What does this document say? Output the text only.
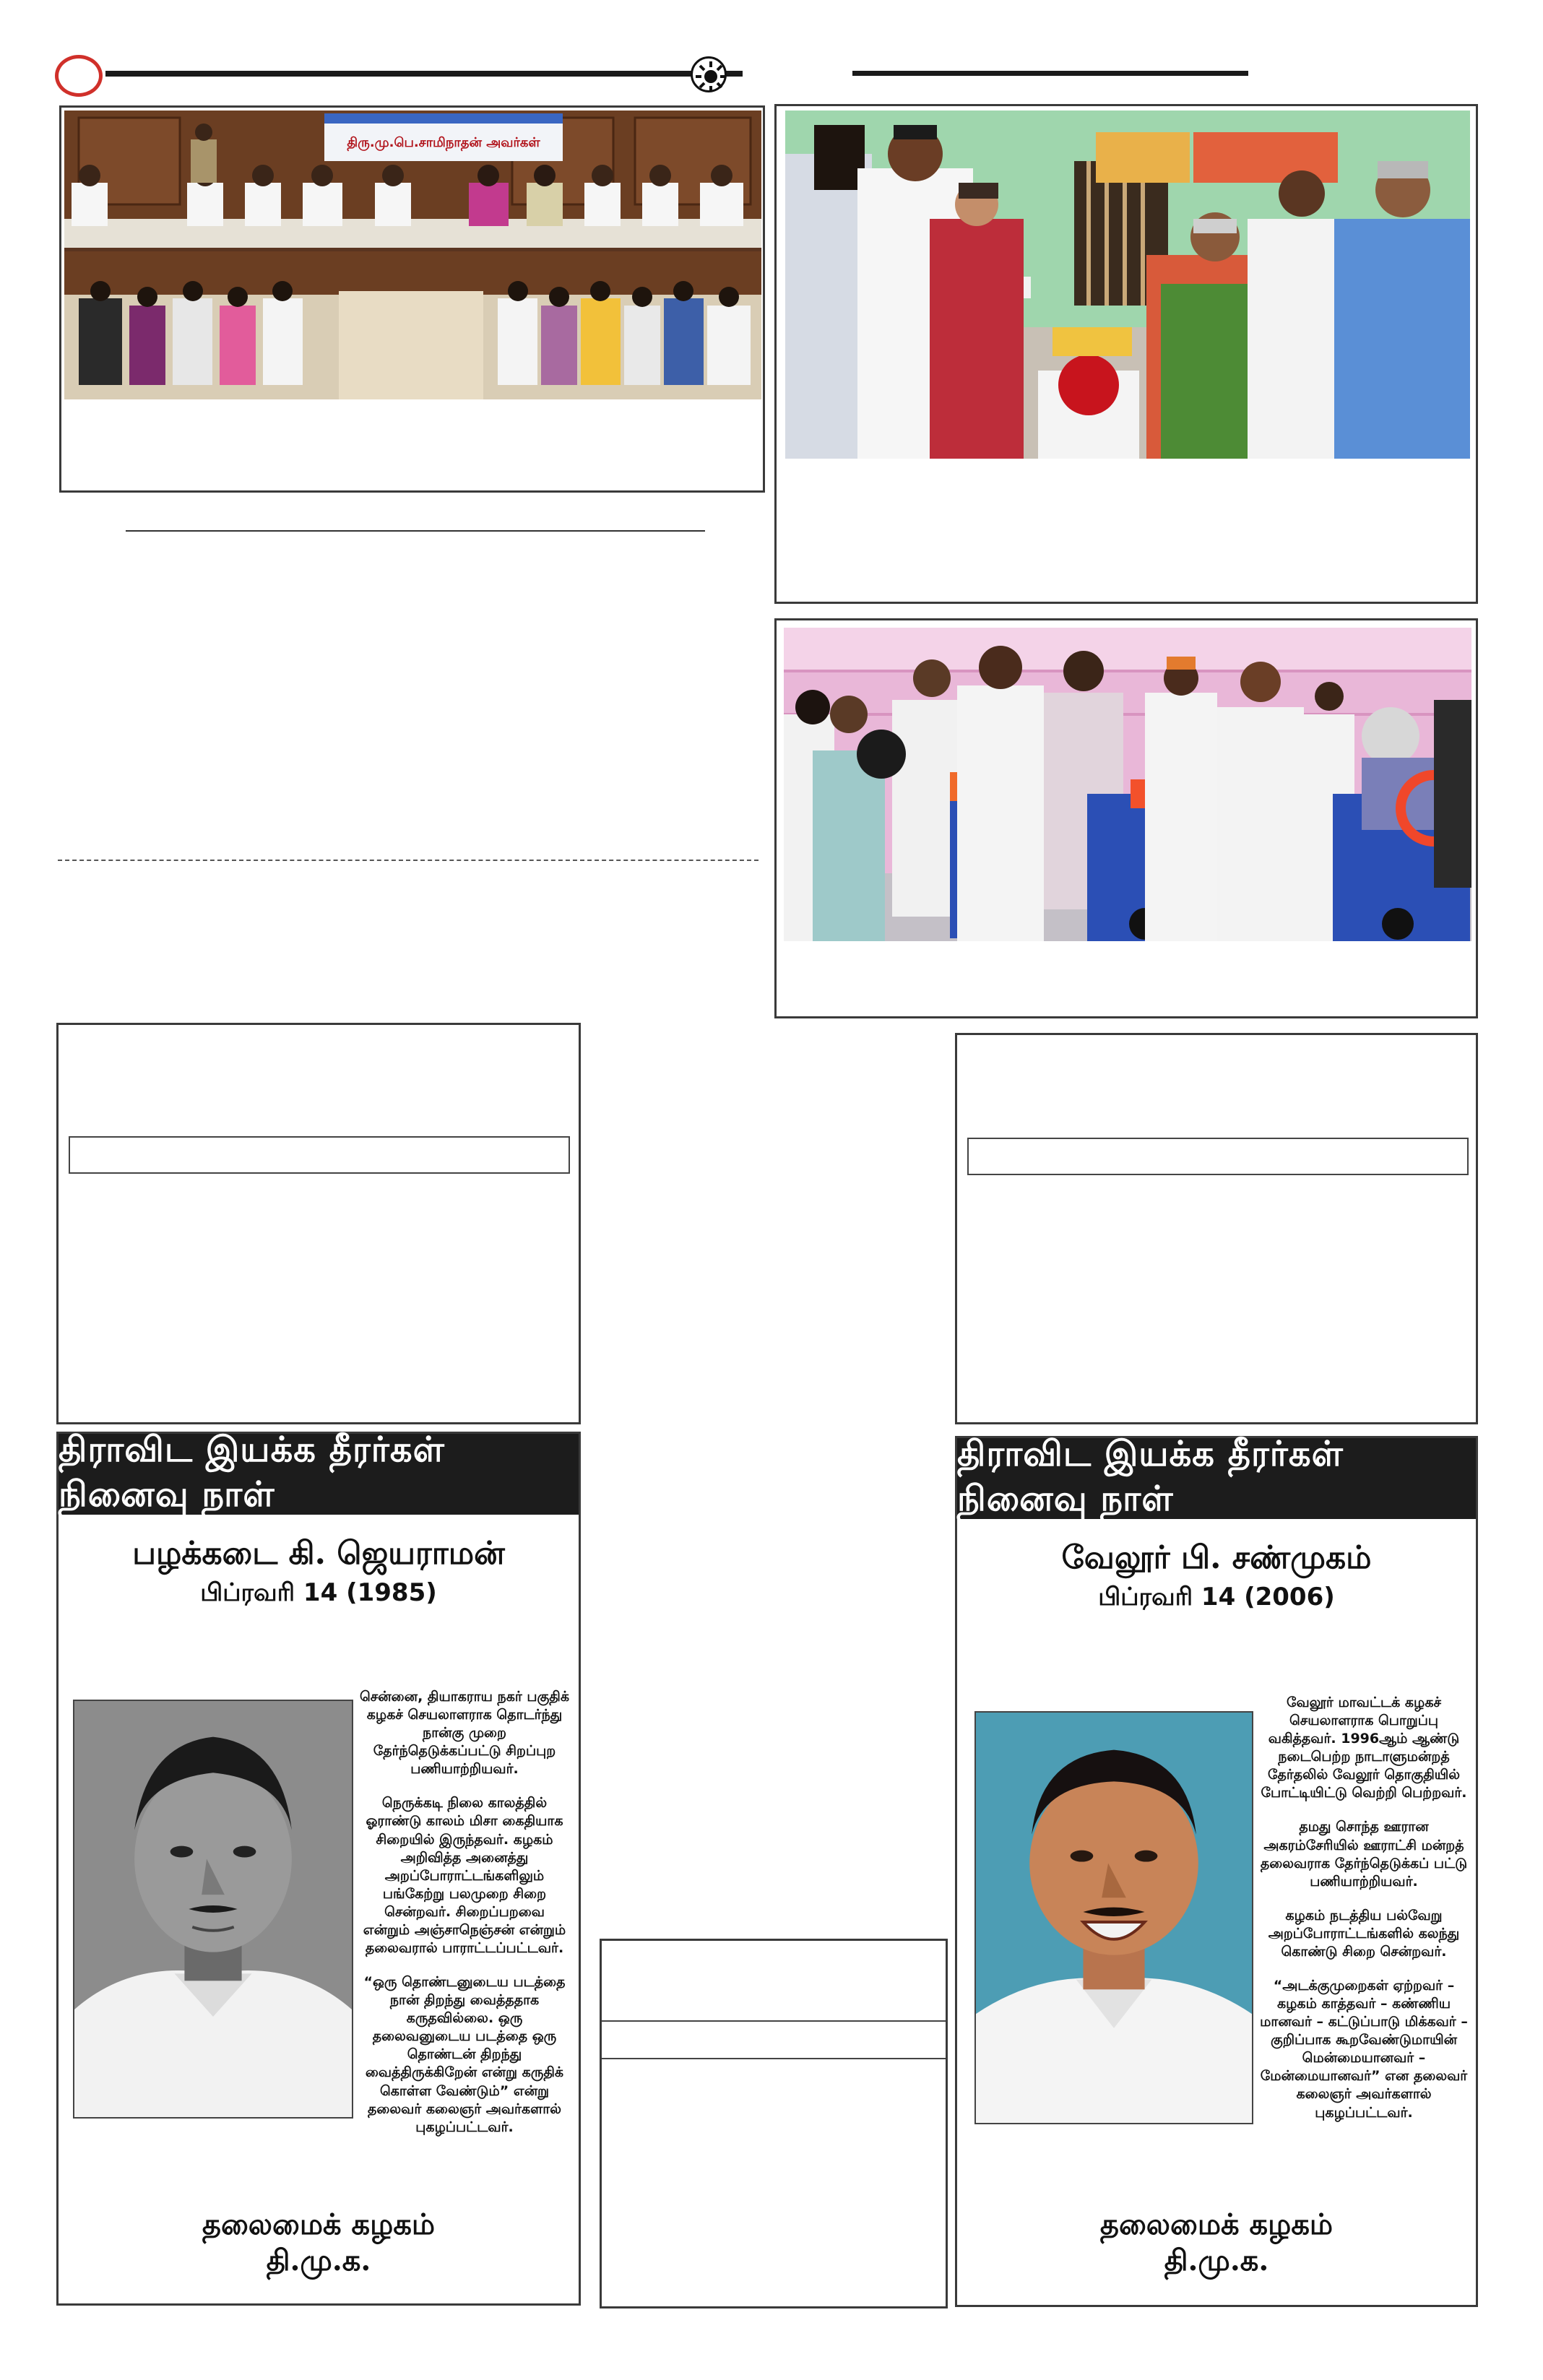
திரு.மு.பெ.சாமிநாதன் அவர்கள்
திராவிட இயக்க தீரர்கள் நினைவு நாள்
பழக்கடை கி. ஜெயராமன்
பிப்ரவரி 14 (1985)

சென்னை, தியாகராய நகர் பகுதிக் கழகச் செயலாளராக தொடர்ந்து நான்கு முறை தேர்ந்தெடுக்கப்பட்டு சிறப்புற பணியாற்றியவர்.

நெருக்கடி நிலை காலத்தில் ஓராண்டு காலம் மிசா கைதியாக சிறையில் இருந்தவர். கழகம் அறிவித்த அனைத்து அறப்போராட்டங்களிலும் பங்கேற்று பலமுறை சிறை சென்றவர். சிறைப்பறவை என்றும் அஞ்சாநெஞ்சன் என்றும் தலைவரால் பாராட்டப்பட்டவர்.

“ஒரு தொண்டனுடைய படத்தை நான் திறந்து வைத்ததாக கருதவில்லை. ஒரு தலைவனுடைய படத்தை ஒரு தொண்டன் திறந்து வைத்திருக்கிறேன் என்று கருதிக் கொள்ள வேண்டும்” என்று தலைவர் கலைஞர் அவர்களால் புகழப்பட்டவர்.

தலைமைக் கழகம்
தி.மு.க.
திராவிட இயக்க தீரர்கள் நினைவு நாள்
வேலூர் பி. சண்முகம்
பிப்ரவரி 14 (2006)

வேலூர் மாவட்டக் கழகச் செயலாளராக பொறுப்பு வகித்தவர். 1996ஆம் ஆண்டு நடைபெற்ற நாடாளுமன்றத் தேர்தலில் வேலூர் தொகுதியில் போட்டியிட்டு வெற்றி பெற்றவர்.

தமது சொந்த ஊரான அகரம்சேரியில் ஊராட்சி மன்றத் தலைவராக தேர்ந்தெடுக்கப் பட்டு பணியாற்றியவர்.

கழகம் நடத்திய பல்வேறு அறப்போராட்டங்களில் கலந்து கொண்டு சிறை சென்றவர்.

“அடக்குமுறைகள் ஏற்றவர் – கழகம் காத்தவர் – கண்ணிய மானவர் – கட்டுப்பாடு மிக்கவர் – குறிப்பாக கூறவேண்டுமாயின் மென்மையானவர் – மேன்மையானவர்” என தலைவர் கலைஞர் அவர்களால் புகழப்பட்டவர்.

தலைமைக் கழகம்
தி.மு.க.
